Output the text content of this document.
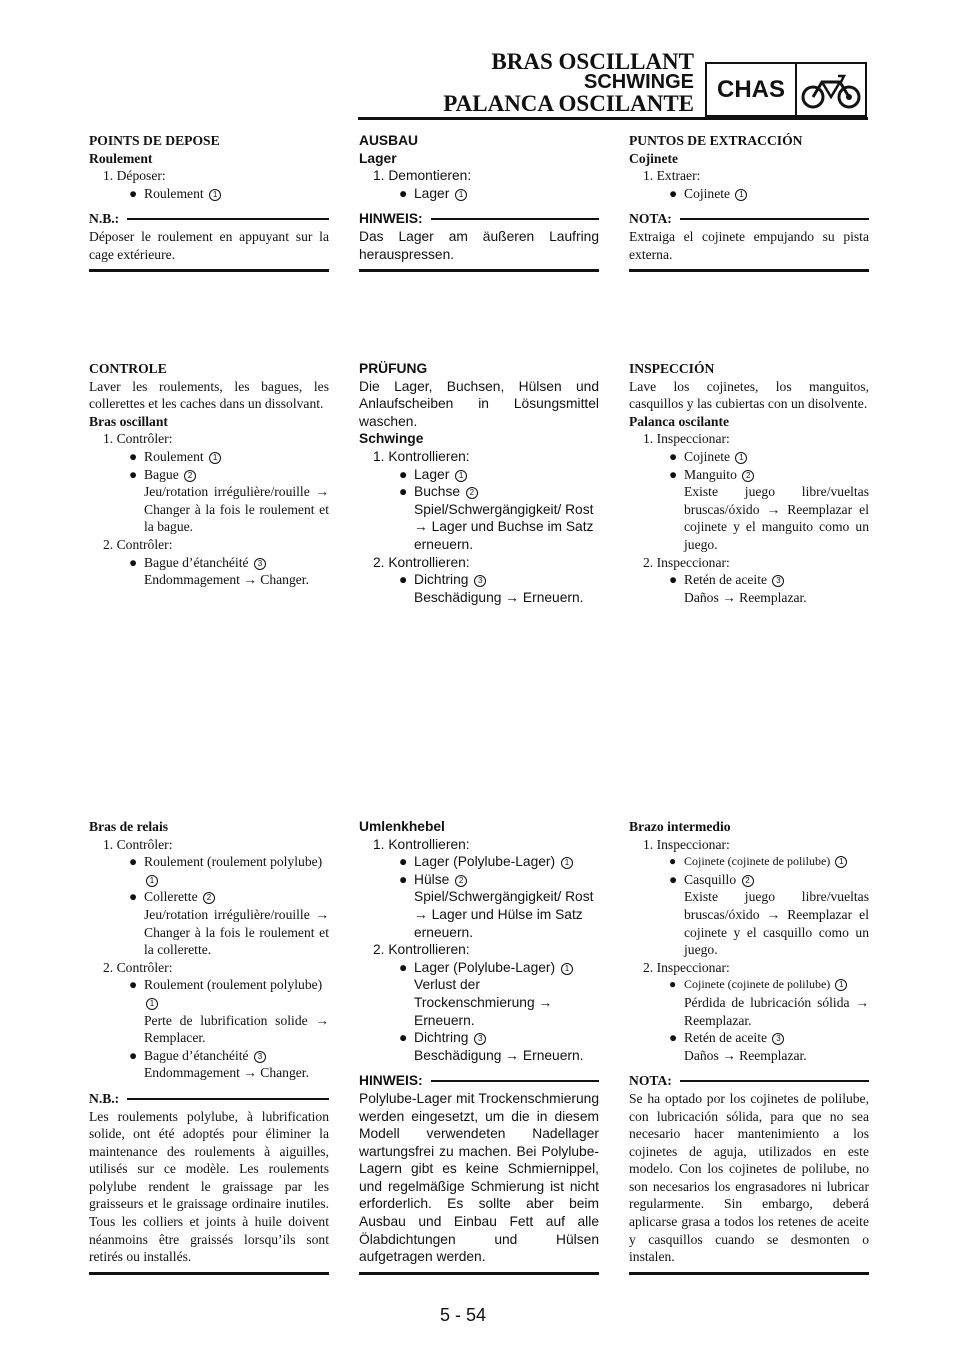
BRAS OSCILLANT
SCHWINGE
PALANCA OSCILANTE
CHAS
POINTS DE DEPOSE
Roulement
1. Déposer:
● Roulement 1
N.B.:
Déposer le roulement en appuyant sur la cage extérieure.
AUSBAU
Lager
1. Demontieren:
● Lager 1
HINWEIS:
Das Lager am äußeren Laufring herauspressen.
PUNTOS DE EXTRACCIÓN
Cojinete
1. Extraer:
● Cojinete 1
NOTA:
Extraiga el cojinete empujando su pista externa.
CONTROLE
Laver les roulements, les bagues, les collerettes et les caches dans un dissolvant.
Bras oscillant
1. Contrôler:
● Roulement 1
● Bague 2
Jeu/rotation irrégulière/rouille → Changer à la fois le roulement et la bague.
2. Contrôler:
● Bague d’étanchéité 3
Endommagement → Changer.
PRÜFUNG
Die Lager, Buchsen, Hülsen und Anlaufscheiben in Lösungsmittel waschen.
Schwinge
1. Kontrollieren:
● Lager 1
● Buchse 2
Spiel/Schwergängigkeit/ Rost → Lager und Buchse im Satz erneuern.
2. Kontrollieren:
● Dichtring 3
Beschädigung → Erneuern.
INSPECCIÓN
Lave los cojinetes, los manguitos, casquillos y las cubiertas con un disolvente.
Palanca oscilante
1. Inspeccionar:
● Cojinete 1
● Manguito 2
Existe juego libre/vueltas bruscas/óxido → Reemplazar el cojinete y el manguito como un juego.
2. Inspeccionar:
● Retén de aceite 3
Daños → Reemplazar.
Bras de relais
1. Contrôler:
● Roulement (roulement polylube) 1
● Collerette 2
Jeu/rotation irrégulière/rouille → Changer à la fois le roulement et la collerette.
2. Contrôler:
● Roulement (roulement polylube) 1
Perte de lubrification solide → Remplacer.
● Bague d’étanchéité 3
Endommagement → Changer.
N.B.:
Les roulements polylube, à lubrification solide, ont été adoptés pour éliminer la maintenance des roulements à aiguilles, utilisés sur ce modèle. Les roulements polylube rendent le graissage par les graisseurs et le graissage ordinaire inutiles. Tous les colliers et joints à huile doivent néanmoins être graissés lorsqu’ils sont retirés ou installés.
Umlenkhebel
1. Kontrollieren:
● Lager (Polylube-Lager) 1
● Hülse 2
Spiel/Schwergängigkeit/ Rost → Lager und Hülse im Satz erneuern.
2. Kontrollieren:
● Lager (Polylube-Lager) 1
Verlust der Trockenschmierung → Erneuern.
● Dichtring 3
Beschädigung → Erneuern.
HINWEIS:
Polylube-Lager mit Trockenschmierung werden eingesetzt, um die in diesem Modell verwendeten Nadellager wartungsfrei zu machen. Bei Polylube-Lagern gibt es keine Schmiernippel, und regelmäßige Schmierung ist nicht erforderlich. Es sollte aber beim Ausbau und Einbau Fett auf alle Ölabdichtungen und Hülsen aufgetragen werden.
Brazo intermedio
1. Inspeccionar:
● Cojinete (cojinete de polilube) 1
● Casquillo 2
Existe juego libre/vueltas bruscas/óxido → Reemplazar el cojinete y el casquillo como un juego.
2. Inspeccionar:
● Cojinete (cojinete de polilube) 1
Pérdida de lubricación sólida → Reemplazar.
● Retén de aceite 3
Daños → Reemplazar.
NOTA:
Se ha optado por los cojinetes de polilube, con lubricación sólida, para que no sea necesario hacer mantenimiento a los cojinetes de aguja, utilizados en este modelo. Con los cojinetes de polilube, no son necesarios los engrasadores ni lubricar regularmente. Sin embargo, deberá aplicarse grasa a todos los retenes de aceite y casquillos cuando se desmonten o instalen.
5 - 54
